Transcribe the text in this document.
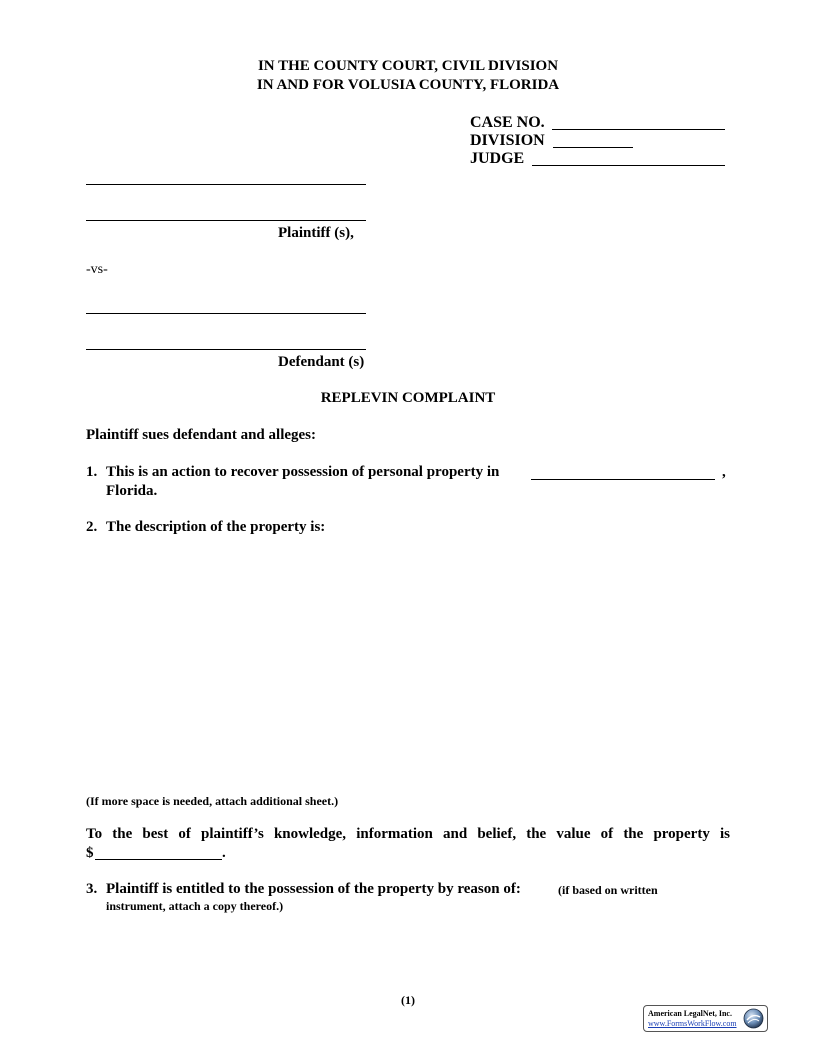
IN THE COUNTY COURT, CIVIL DIVISION
IN AND FOR VOLUSIA COUNTY, FLORIDA
CASE NO.
DIVISION
JUDGE
Plaintiff (s),
-vs-
Defendant (s)
REPLEVIN COMPLAINT
Plaintiff sues defendant and alleges:
1. This is an action to recover possession of personal property in	,
Florida.
2. The description of the property is:
(If more space is needed, attach additional sheet.)
To the best of plaintiff’s knowledge, information and belief, the value of the property is
$	.
3. Plaintiff is entitled to the possession of the property by reason of:	(if based on written
instrument, attach a copy thereof.)
(1)
American LegalNet, Inc.
www.FormsWorkFlow.com
